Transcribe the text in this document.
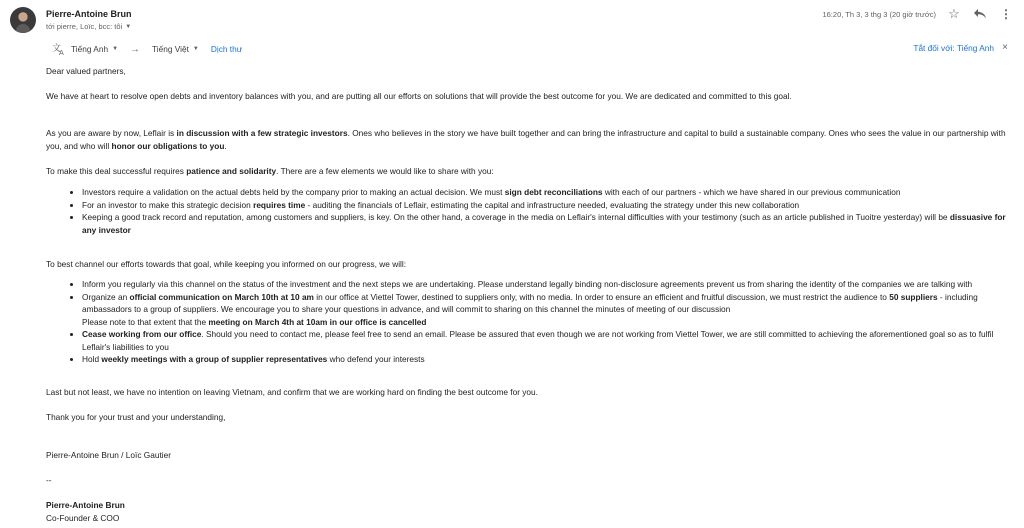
Pierre-Antoine Brun
tới pierre, Loïc, bcc: tôi ▼
16:20, Th 3, 3 thg 3 (20 giờ trước) ☆	⋮
文
A Tiếng Anh ▼ → Tiếng Việt ▼ Dịch thư	Tắt đối với: Tiếng Anh ×
Dear valued partners,
We have at heart to resolve open debts and inventory balances with you, and are putting all our efforts on solutions that will provide the best outcome for you. We are dedicated and committed to this goal.
As you are aware by now, Leflair is in discussion with a few strategic investors. Ones who believes in the story we have built together and can bring the infrastructure and capital to build a sustainable company. Ones who sees the value in our partnership with you, and who will honor our obligations to you.
To make this deal successful requires patience and solidarity. There are a few elements we would like to share with you:
• Investors require a validation on the actual debts held by the company prior to making an actual decision. We must sign debt reconciliations with each of our partners - which we have shared in our previous communication
• For an investor to make this strategic decision requires time - auditing the financials of Leflair, estimating the capital and infrastructure needed, evaluating the strategy under this new collaboration
• Keeping a good track record and reputation, among customers and suppliers, is key. On the other hand, a coverage in the media on Leflair's internal difficulties with your testimony (such as an article published in Tuoitre yesterday) will be dissuasive for any investor
To best channel our efforts towards that goal, while keeping you informed on our progress, we will:
• Inform you regularly via this channel on the status of the investment and the next steps we are undertaking. Please understand legally binding non-disclosure agreements prevent us from sharing the identity of the companies we are talking with
• Organize an official communication on March 10th at 10 am in our office at Viettel Tower, destined to suppliers only, with no media. In order to ensure an efficient and fruitful discussion, we must restrict the audience to 50 suppliers - including ambassadors to a group of suppliers. We encourage you to share your questions in advance, and will commit to sharing on this channel the minutes of meeting of our discussion
Please note to that extent that the meeting on March 4th at 10am in our office is cancelled
• Cease working from our office. Should you need to contact me, please feel free to send an email. Please be assured that even though we are not working from Viettel Tower, we are still committed to achieving the aforementioned goal so as to fulfil Leflair's liabilities to you
• Hold weekly meetings with a group of supplier representatives who defend your interests
Last but not least, we have no intention on leaving Vietnam, and confirm that we are working hard on finding the best outcome for you.
Thank you for your trust and your understanding,
Pierre-Antoine Brun / Loïc Gautier
--
Pierre-Antoine Brun
Co-Founder & COO
